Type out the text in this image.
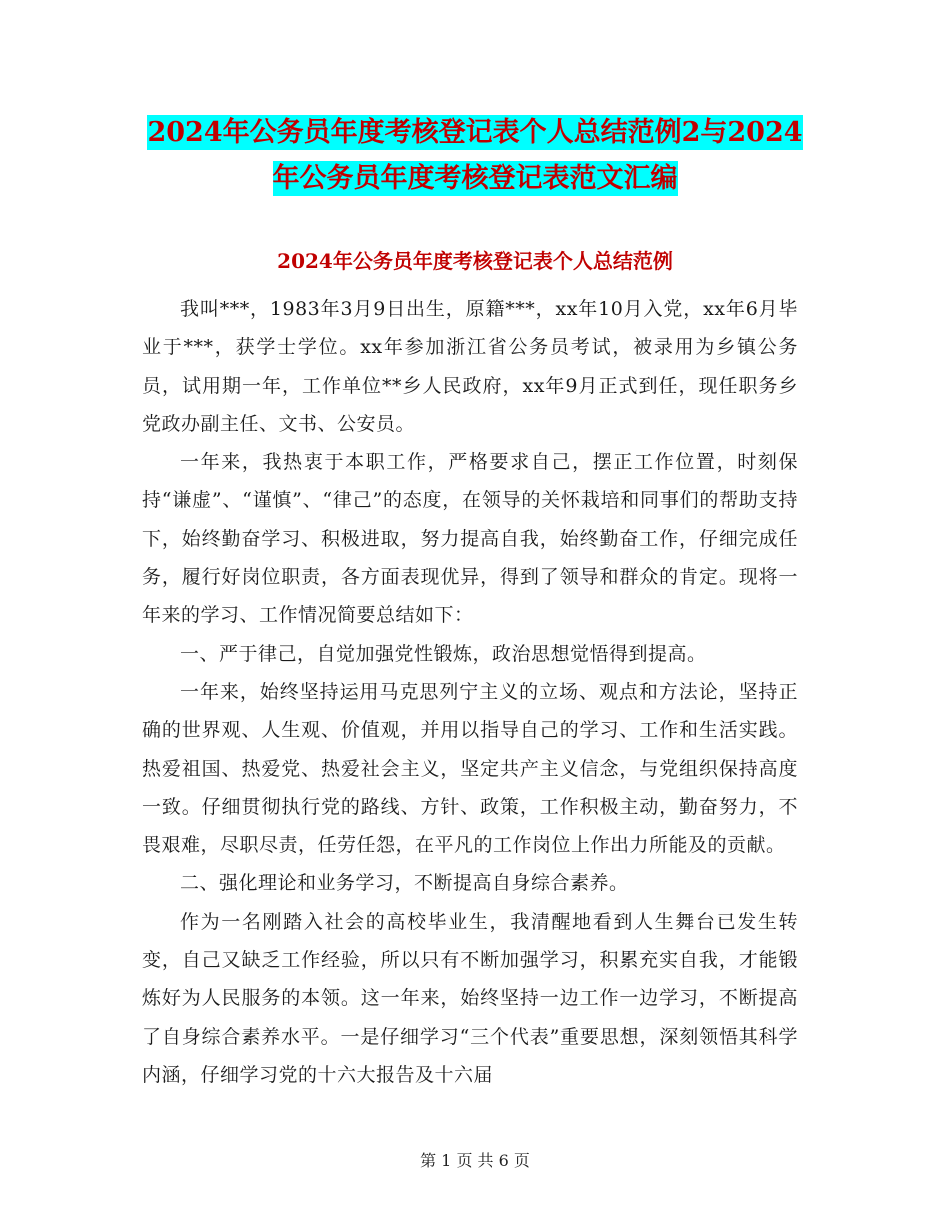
2024年公务员年度考核登记表个人总结范例2与2024
年公务员年度考核登记表范文汇编
2024年公务员年度考核登记表个人总结范例

我叫***，1983年3月9日出生，原籍***，xx年10月入党，xx年6月毕业于***，获学士学位。xx年参加浙江省公务员考试，被录用为乡镇公务员，试用期一年，工作单位**乡人民政府，xx年9月正式到任，现任职务乡党政办副主任、文书、公安员。

一年来，我热衷于本职工作，严格要求自己，摆正工作位置，时刻保持“谦虚”、“谨慎”、“律己”的态度，在领导的关怀栽培和同事们的帮助支持下，始终勤奋学习、积极进取，努力提高自我，始终勤奋工作，仔细完成任务，履行好岗位职责，各方面表现优异，得到了领导和群众的肯定。现将一年来的学习、工作情况简要总结如下：

一、严于律己，自觉加强党性锻炼，政治思想觉悟得到提高。

一年来，始终坚持运用马克思列宁主义的立场、观点和方法论，坚持正确的世界观、人生观、价值观，并用以指导自己的学习、工作和生活实践。热爱祖国、热爱党、热爱社会主义，坚定共产主义信念，与党组织保持高度一致。仔细贯彻执行党的路线、方针、政策，工作积极主动，勤奋努力，不畏艰难，尽职尽责，任劳任怨，在平凡的工作岗位上作出力所能及的贡献。

二、强化理论和业务学习，不断提高自身综合素养。

作为一名刚踏入社会的高校毕业生，我清醒地看到人生舞台已发生转变，自己又缺乏工作经验，所以只有不断加强学习，积累充实自我，才能锻炼好为人民服务的本领。这一年来，始终坚持一边工作一边学习，不断提高了自身综合素养水平。一是仔细学习“三个代表”重要思想，深刻领悟其科学内涵，仔细学习党的十六大报告及十六届

第 1 页 共 6 页
